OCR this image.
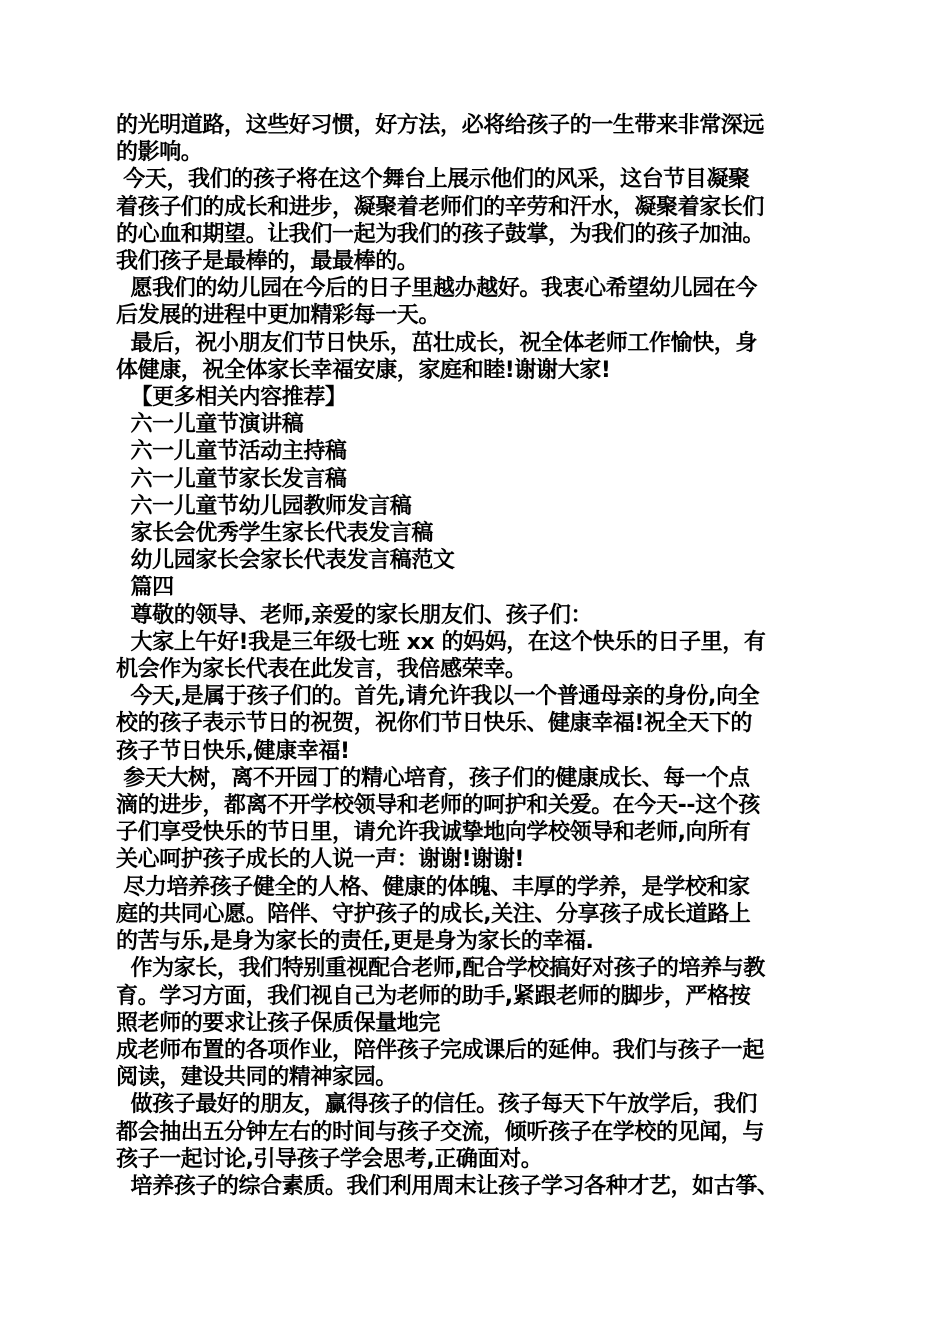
的光明道路，这些好习惯，好方法，必将给孩子的一生带来非常深远
的影响。
今天，我们的孩子将在这个舞台上展示他们的风采，这台节目凝聚
着孩子们的成长和进步，凝聚着老师们的辛劳和汗水，凝聚着家长们
的心血和期望。让我们一起为我们的孩子鼓掌，为我们的孩子加油。
我们孩子是最棒的，最最棒的。
愿我们的幼儿园在今后的日子里越办越好。我衷心希望幼儿园在今
后发展的进程中更加精彩每一天。
最后，祝小朋友们节日快乐，茁壮成长，祝全体老师工作愉快，身
体健康，祝全体家长幸福安康，家庭和睦!谢谢大家!
【更多相关内容推荐】
六一儿童节演讲稿
六一儿童节活动主持稿
六一儿童节家长发言稿
六一儿童节幼儿园教师发言稿
家长会优秀学生家长代表发言稿
幼儿园家长会家长代表发言稿范文
篇四
尊敬的领导、老师,亲爱的家长朋友们、孩子们：
大家上午好!我是三年级七班 xx 的妈妈，在这个快乐的日子里，有
机会作为家长代表在此发言，我倍感荣幸。
今天,是属于孩子们的。首先,请允许我以一个普通母亲的身份,向全
校的孩子表示节日的祝贺，祝你们节日快乐、健康幸福!祝全天下的
孩子节日快乐,健康幸福!
参天大树，离不开园丁的精心培育，孩子们的健康成长、每一个点
滴的进步，都离不开学校领导和老师的呵护和关爱。在今天--这个孩
子们享受快乐的节日里，请允许我诚挚地向学校领导和老师,向所有
关心呵护孩子成长的人说一声：谢谢!谢谢!
尽力培养孩子健全的人格、健康的体魄、丰厚的学养，是学校和家
庭的共同心愿。陪伴、守护孩子的成长,关注、分享孩子成长道路上
的苦与乐,是身为家长的责任,更是身为家长的幸福.
作为家长，我们特别重视配合老师,配合学校搞好对孩子的培养与教
育。学习方面，我们视自己为老师的助手,紧跟老师的脚步，严格按
照老师的要求让孩子保质保量地完
成老师布置的各项作业，陪伴孩子完成课后的延伸。我们与孩子一起
阅读，建设共同的精神家园。
做孩子最好的朋友，赢得孩子的信任。孩子每天下午放学后，我们
都会抽出五分钟左右的时间与孩子交流，倾听孩子在学校的见闻，与
孩子一起讨论,引导孩子学会思考,正确面对。
培养孩子的综合素质。我们利用周末让孩子学习各种才艺，如古筝、
